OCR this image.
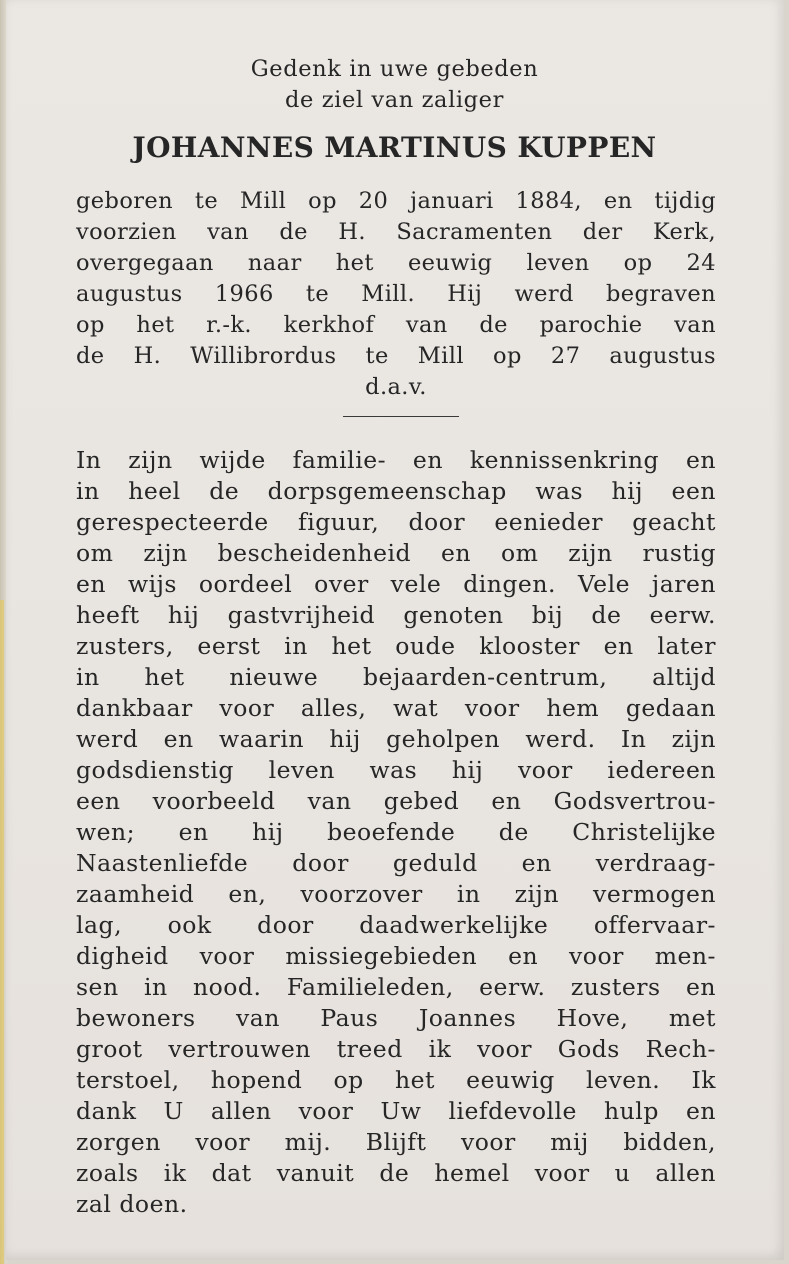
Gedenk in uwe gebeden
de ziel van zaliger
JOHANNES MARTINUS KUPPEN
geboren te Mill op 20 januari 1884, en tijdig
voorzien van de H. Sacramenten der Kerk,
overgegaan naar het eeuwig leven op 24
augustus 1966 te Mill. Hij werd begraven
op het r.-k. kerkhof van de parochie van
de H. Willibrordus te Mill op 27 augustus
d.a.v.
In zijn wijde familie- en kennissenkring en
in heel de dorpsgemeenschap was hij een
gerespecteerde figuur, door eenieder geacht
om zijn bescheidenheid en om zijn rustig
en wijs oordeel over vele dingen. Vele jaren
heeft hij gastvrijheid genoten bij de eerw.
zusters, eerst in het oude klooster en later
in het nieuwe bejaarden-centrum, altijd
dankbaar voor alles, wat voor hem gedaan
werd en waarin hij geholpen werd. In zijn
godsdienstig leven was hij voor iedereen
een voorbeeld van gebed en Godsvertrou-
wen; en hij beoefende de Christelijke
Naastenliefde door geduld en verdraag-
zaamheid en, voorzover in zijn vermogen
lag, ook door daadwerkelijke offervaar-
digheid voor missiegebieden en voor men-
sen in nood. Familieleden, eerw. zusters en
bewoners van Paus Joannes Hove, met
groot vertrouwen treed ik voor Gods Rech-
terstoel, hopend op het eeuwig leven. Ik
dank U allen voor Uw liefdevolle hulp en
zorgen voor mij. Blijft voor mij bidden,
zoals ik dat vanuit de hemel voor u allen
zal doen.
